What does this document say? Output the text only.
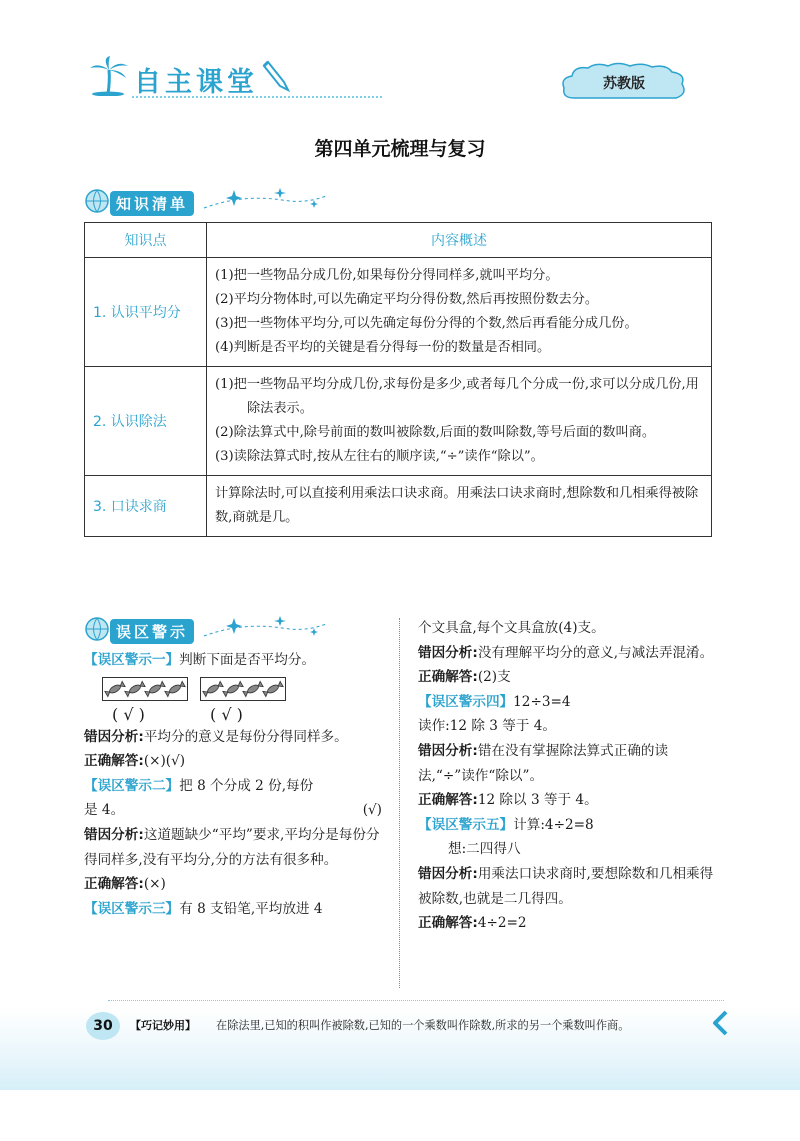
自主课堂	苏教版
第四单元梳理与复习
知识清单
知识点	内容概述
1. 认识平均分	(1)把一些物品分成几份,如果每份分得同样多,就叫平均分。
(2)平均分物体时,可以先确定平均分得份数,然后再按照份数去分。
(3)把一些物体平均分,可以先确定每份分得的个数,然后再看能分成几份。
(4)判断是否平均的关键是看分得每一份的数量是否相同。

2. 认识除法	(1)把一些物品平均分成几份,求每份是多少,或者每几个分成一份,求可以分成几份,用除法表示。
(2)除法算式中,除号前面的数叫被除数,后面的数叫除数,等号后面的数叫商。
(3)读除法算式时,按从左往右的顺序读,“÷”读作“除以”。

3. 口诀求商	计算除法时,可以直接利用乘法口诀求商。用乘法口诀求商时,想除数和几相乘得被除数,商就是几。
误区警示
【误区警示一】判断下面是否平均分。
( √ )	( √ )
错因分析:平均分的意义是每份分得同样多。
正确解答:(×)(√)
【误区警示二】把 8 个分成 2 份,每份
是 4。	(√)
错因分析:这道题缺少“平均”要求,平均分是每份分得同样多,没有平均分,分的方法有很多种。
正确解答:(×)
【误区警示三】有 8 支铅笔,平均放进 4
个文具盒,每个文具盒放(4)支。
错因分析:没有理解平均分的意义,与减法弄混淆。
正确解答:(2)支
【误区警示四】12÷3=4
读作:12 除 3 等于 4。
错因分析:错在没有掌握除法算式正确的读法,“÷”读作“除以”。
正确解答:12 除以 3 等于 4。
【误区警示五】计算:4÷2=8
想:二四得八
错因分析:用乘法口诀求商时,要想除数和几相乘得被除数,也就是二几得四。
正确解答:4÷2=2
30	【巧记妙用】 在除法里,已知的积叫作被除数,已知的一个乘数叫作除数,所求的另一个乘数叫作商。
